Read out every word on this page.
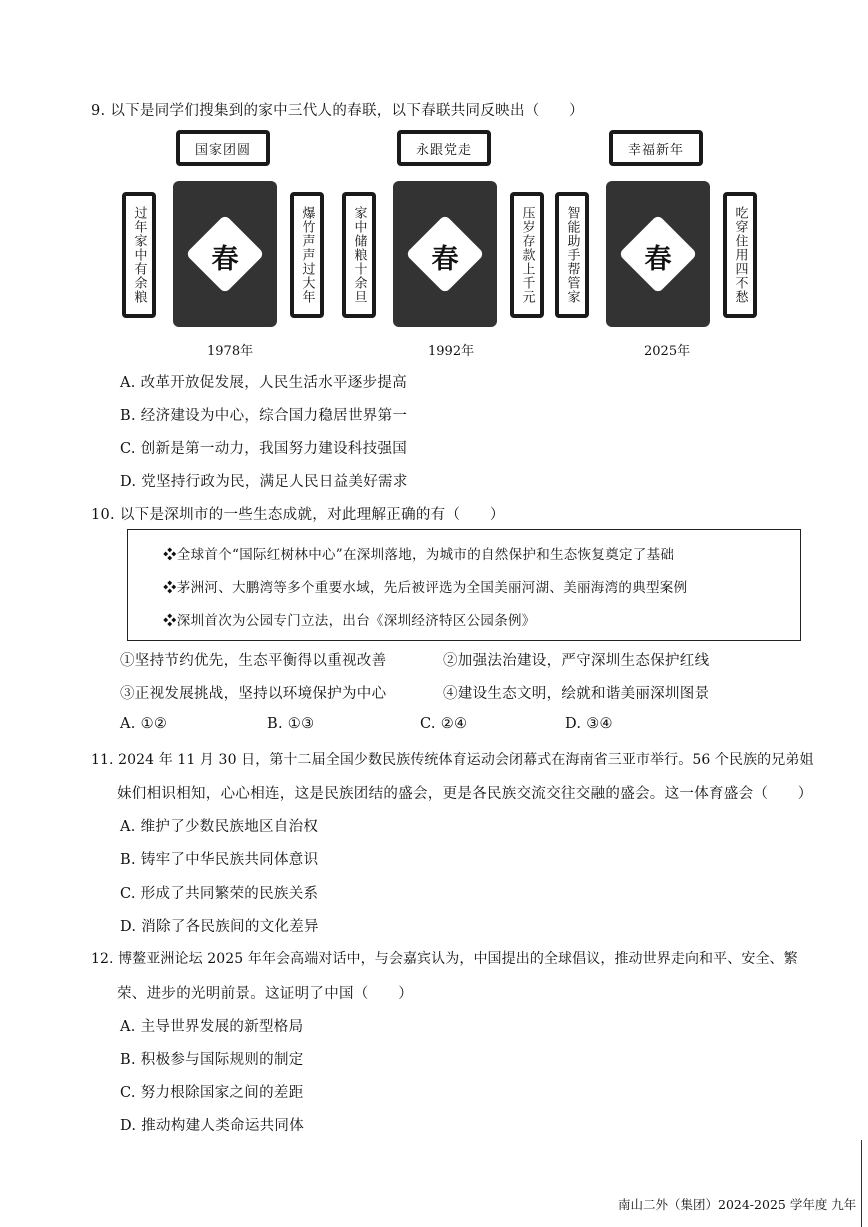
9. 以下是同学们搜集到的家中三代人的春联，以下春联共同反映出（　　）
国家团圆
过年家中有余粮	春	爆竹声声过大年
1978年
永跟党走
家中储粮十余旦	春	压岁存款上千元
1992年
幸福新年
智能助手帮管家	春	吃穿住用四不愁
2025年
A. 改革开放促发展，人民生活水平逐步提高
B. 经济建设为中心，综合国力稳居世界第一
C. 创新是第一动力，我国努力建设科技强国
D. 党坚持行政为民，满足人民日益美好需求
10. 以下是深圳市的一些生态成就，对此理解正确的有（　　）
❖全球首个“国际红树林中心”在深圳落地，为城市的自然保护和生态恢复奠定了基础
❖茅洲河、大鹏湾等多个重要水域，先后被评选为全国美丽河湖、美丽海湾的典型案例
❖深圳首次为公园专门立法，出台《深圳经济特区公园条例》
①坚持节约优先，生态平衡得以重视改善	②加强法治建设，严守深圳生态保护红线
③正视发展挑战，坚持以环境保护为中心	④建设生态文明，绘就和谐美丽深圳图景
A. ①②	B. ①③	C. ②④	D. ③④
11. 2024 年 11 月 30 日，第十二届全国少数民族传统体育运动会闭幕式在海南省三亚市举行。56 个民族的兄弟姐
妹们相识相知，心心相连，这是民族团结的盛会，更是各民族交流交往交融的盛会。这一体育盛会（　　）
A. 维护了少数民族地区自治权
B. 铸牢了中华民族共同体意识
C. 形成了共同繁荣的民族关系
D. 消除了各民族间的文化差异
12. 博鳌亚洲论坛 2025 年年会高端对话中，与会嘉宾认为，中国提出的全球倡议，推动世界走向和平、安全、繁
荣、进步的光明前景。这证明了中国（　　）
A. 主导世界发展的新型格局
B. 积极参与国际规则的制定
C. 努力根除国家之间的差距
D. 推动构建人类命运共同体
南山二外（集团）2024-2025 学年度 九年
